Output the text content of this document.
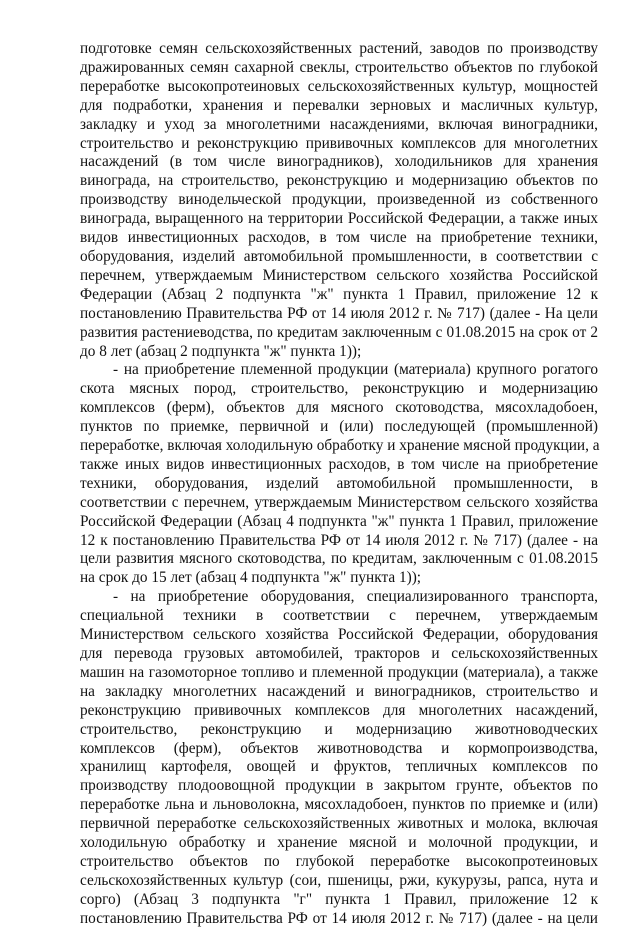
подготовке семян сельскохозяйственных растений, заводов по производству
дражированных семян сахарной свеклы, строительство объектов по глубокой
переработке высокопротеиновых сельскохозяйственных культур, мощностей
для подработки, хранения и перевалки зерновых и масличных культур,
закладку и уход за многолетними насаждениями, включая виноградники,
строительство и реконструкцию прививочных комплексов для многолетних
насаждений (в том числе виноградников), холодильников для хранения
винограда, на строительство, реконструкцию и модернизацию объектов по
производству винодельческой продукции, произведенной из собственного
винограда, выращенного на территории Российской Федерации, а также иных
видов инвестиционных расходов, в том числе на приобретение техники,
оборудования, изделий автомобильной промышленности, в соответствии с
перечнем, утверждаемым Министерством сельского хозяйства Российской
Федерации (Абзац 2 подпункта "ж" пункта 1 Правил, приложение 12 к
постановлению Правительства РФ от 14 июля 2012 г. № 717) (далее - На цели
развития растениеводства, по кредитам заключенным с 01.08.2015 на срок от 2
до 8 лет (абзац 2 подпункта "ж" пункта 1));
- на приобретение племенной продукции (материала) крупного рогатого
скота мясных пород, строительство, реконструкцию и модернизацию
комплексов (ферм), объектов для мясного скотоводства, мясохладобоен,
пунктов по приемке, первичной и (или) последующей (промышленной)
переработке, включая холодильную обработку и хранение мясной продукции, а
также иных видов инвестиционных расходов, в том числе на приобретение
техники, оборудования, изделий автомобильной промышленности, в
соответствии с перечнем, утверждаемым Министерством сельского хозяйства
Российской Федерации (Абзац 4 подпункта "ж" пункта 1 Правил, приложение
12 к постановлению Правительства РФ от 14 июля 2012 г. № 717) (далее - на
цели развития мясного скотоводства, по кредитам, заключенным с 01.08.2015
на срок до 15 лет (абзац 4 подпункта "ж" пункта 1));
- на приобретение оборудования, специализированного транспорта,
специальной техники в соответствии с перечнем, утверждаемым
Министерством сельского хозяйства Российской Федерации, оборудования
для перевода грузовых автомобилей, тракторов и сельскохозяйственных
машин на газомоторное топливо и племенной продукции (материала), а также
на закладку многолетних насаждений и виноградников, строительство и
реконструкцию прививочных комплексов для многолетних насаждений,
строительство, реконструкцию и модернизацию животноводческих
комплексов (ферм), объектов животноводства и кормопроизводства,
хранилищ картофеля, овощей и фруктов, тепличных комплексов по
производству плодоовощной продукции в закрытом грунте, объектов по
переработке льна и льноволокна, мясохладобоен, пунктов по приемке и (или)
первичной переработке сельскохозяйственных животных и молока, включая
холодильную обработку и хранение мясной и молочной продукции, и
строительство объектов по глубокой переработке высокопротеиновых
сельскохозяйственных культур (сои, пшеницы, ржи, кукурузы, рапса, нута и
сорго) (Абзац 3 подпункта "г" пункта 1 Правил, приложение 12 к
постановлению Правительства РФ от 14 июля 2012 г. № 717) (далее - на цели
